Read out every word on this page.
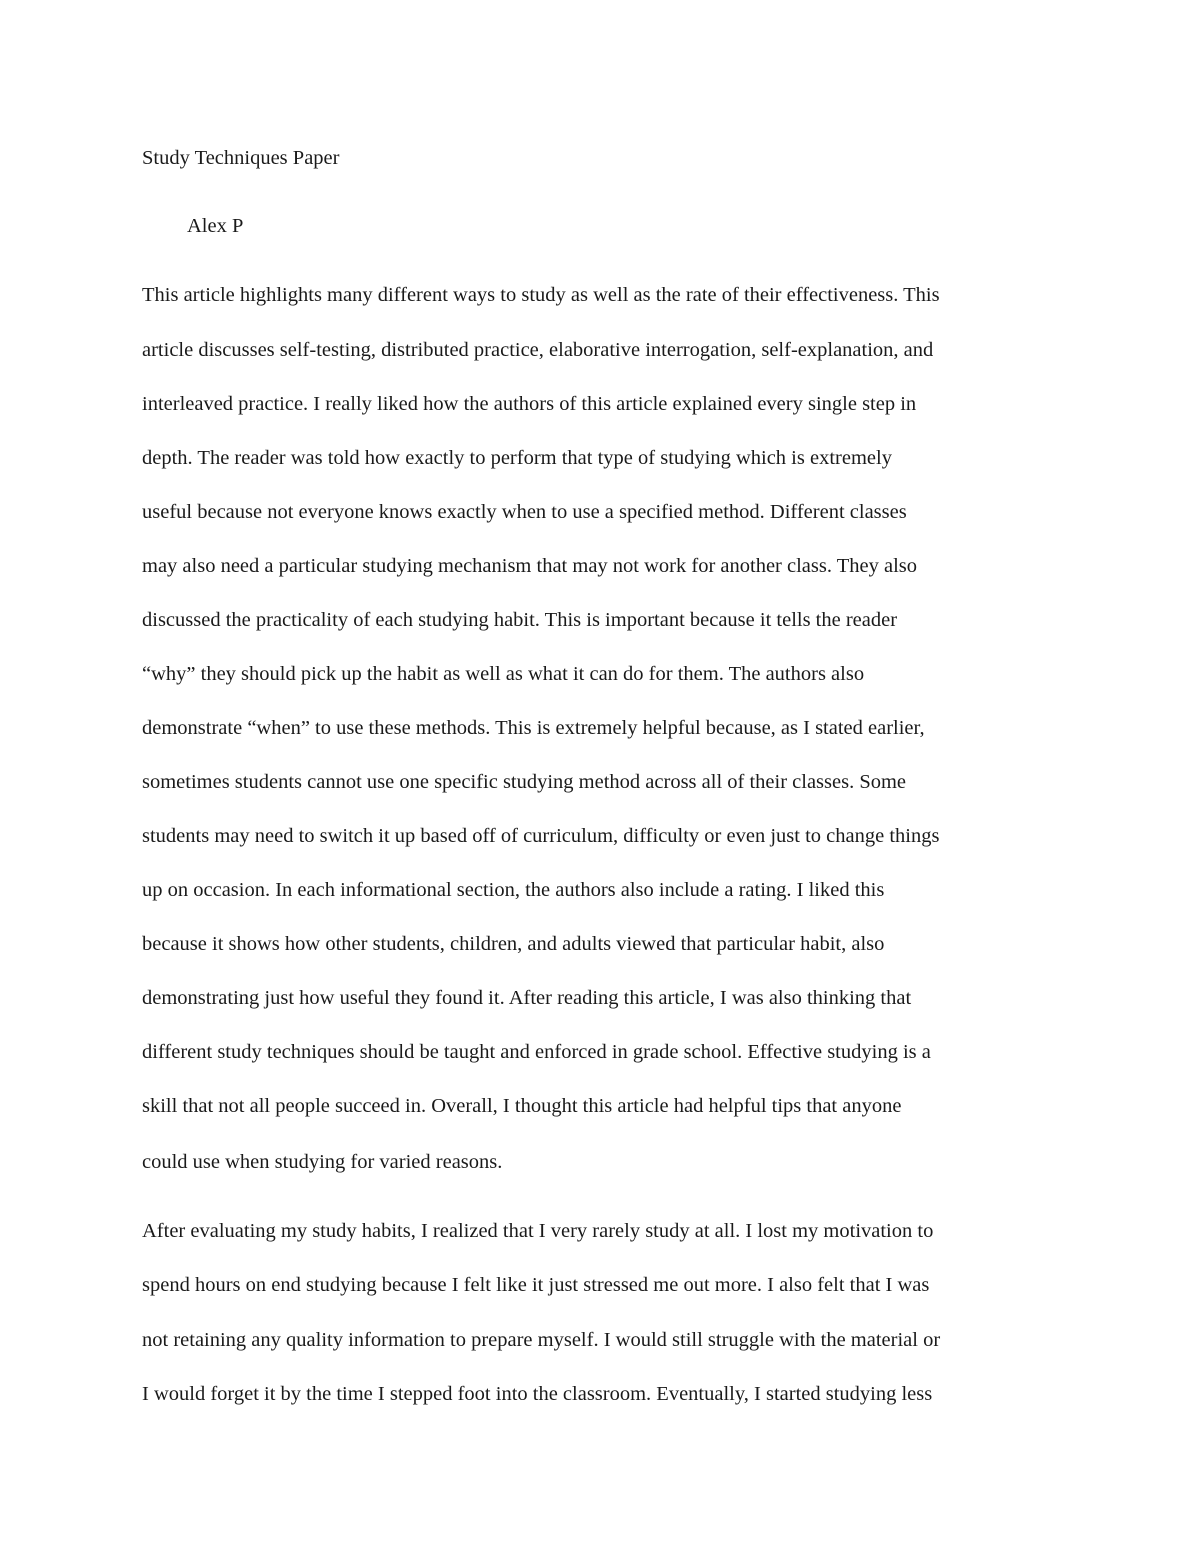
Study Techniques Paper
Alex P
This article highlights many different ways to study as well as the rate of their effectiveness. This
article discusses self-testing, distributed practice, elaborative interrogation, self-explanation, and
interleaved practice. I really liked how the authors of this article explained every single step in
depth. The reader was told how exactly to perform that type of studying which is extremely
useful because not everyone knows exactly when to use a specified method. Different classes
may also need a particular studying mechanism that may not work for another class. They also
discussed the practicality of each studying habit. This is important because it tells the reader
“why” they should pick up the habit as well as what it can do for them. The authors also
demonstrate “when” to use these methods. This is extremely helpful because, as I stated earlier,
sometimes students cannot use one specific studying method across all of their classes. Some
students may need to switch it up based off of curriculum, difficulty or even just to change things
up on occasion. In each informational section, the authors also include a rating. I liked this
because it shows how other students, children, and adults viewed that particular habit, also
demonstrating just how useful they found it. After reading this article, I was also thinking that
different study techniques should be taught and enforced in grade school. Effective studying is a
skill that not all people succeed in. Overall, I thought this article had helpful tips that anyone
could use when studying for varied reasons.
After evaluating my study habits, I realized that I very rarely study at all. I lost my motivation to
spend hours on end studying because I felt like it just stressed me out more. I also felt that I was
not retaining any quality information to prepare myself. I would still struggle with the material or
I would forget it by the time I stepped foot into the classroom. Eventually, I started studying less
